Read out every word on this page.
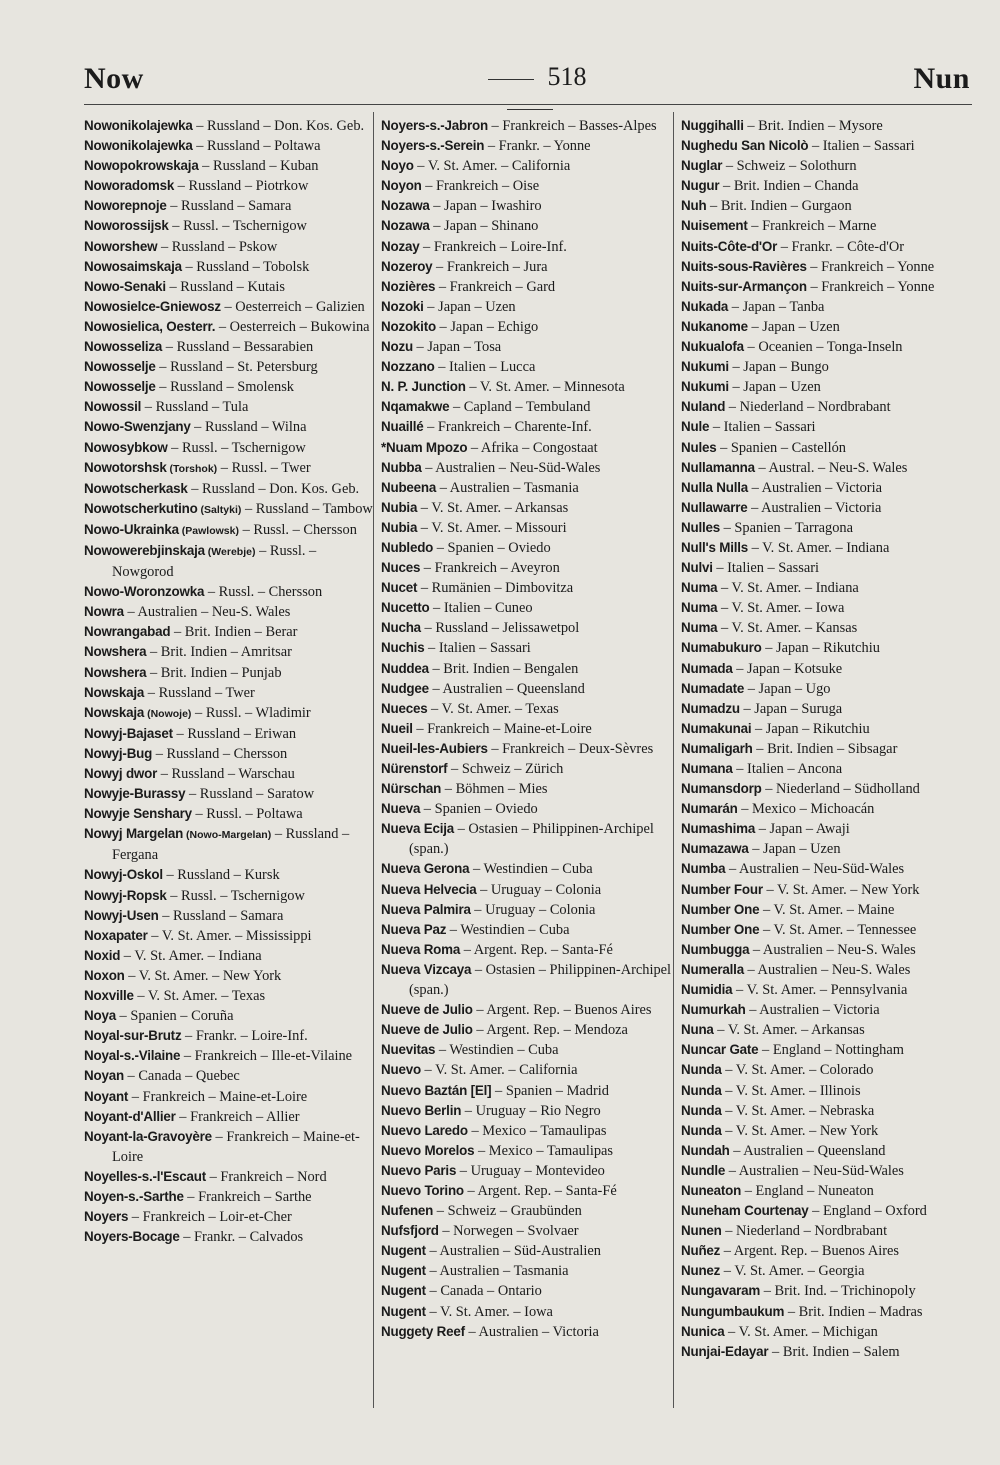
Now	518	Nun
Nowonikolajewka – Russland – Don. Kos. Geb.
Nowonikolajewka – Russland – Poltawa
Nowopokrowskaja – Russland – Kuban
Noworadomsk – Russland – Piotrkow
Noworepnoje – Russland – Samara
Noworossijsk – Russl. – Tschernigow
Noworshew – Russland – Pskow
Nowosaimskaja – Russland – Tobolsk
Nowo-Senaki – Russland – Kutais
Nowosielce-Gniewosz – Oesterreich – Galizien
Nowosielica, Oesterr. – Oesterreich – Bukowina
Nowosseliza – Russland – Bessarabien
Nowosselje – Russland – St. Petersburg
Nowosselje – Russland – Smolensk
Nowossil – Russland – Tula
Nowo-Swenzjany – Russland – Wilna
Nowosybkow – Russl. – Tschernigow
Nowotorshsk (Torshok) – Russl. – Twer
Nowotscherkask – Russland – Don. Kos. Geb.
Nowotscherkutino (Saltyki) – Russland – Tambow
Nowo-Ukrainka (Pawlowsk) – Russl. – Chersson
Nowowerebjinskaja (Werebje) – Russl. – Nowgorod
Nowo-Woronzowka – Russl. – Chersson
Nowra – Australien – Neu-S. Wales
Nowrangabad – Brit. Indien – Berar
Nowshera – Brit. Indien – Amritsar
Nowshera – Brit. Indien – Punjab
Nowskaja – Russland – Twer
Nowskaja (Nowoje) – Russl. – Wladimir
Nowyj-Bajaset – Russland – Eriwan
Nowyj-Bug – Russland – Chersson
Nowyj dwor – Russland – Warschau
Nowyje-Burassy – Russland – Saratow
Nowyje Senshary – Russl. – Poltawa
Nowyj Margelan (Nowo-Margelan) – Russland – Fergana
Nowyj-Oskol – Russland – Kursk
Nowyj-Ropsk – Russl. – Tschernigow
Nowyj-Usen – Russland – Samara
Noxapater – V. St. Amer. – Mississippi
Noxid – V. St. Amer. – Indiana
Noxon – V. St. Amer. – New York
Noxville – V. St. Amer. – Texas
Noya – Spanien – Coruña
Noyal-sur-Brutz – Frankr. – Loire-Inf.
Noyal-s.-Vilaine – Frankreich – Ille-et-Vilaine
Noyan – Canada – Quebec
Noyant – Frankreich – Maine-et-Loire
Noyant-d'Allier – Frankreich – Allier
Noyant-la-Gravoyère – Frankreich – Maine-et-Loire
Noyelles-s.-l'Escaut – Frankreich – Nord
Noyen-s.-Sarthe – Frankreich – Sarthe
Noyers – Frankreich – Loir-et-Cher
Noyers-Bocage – Frankr. – Calvados
Noyers-s.-Jabron – Frankreich – Basses-Alpes
Noyers-s.-Serein – Frankr. – Yonne
Noyo – V. St. Amer. – California
Noyon – Frankreich – Oise
Nozawa – Japan – Iwashiro
Nozawa – Japan – Shinano
Nozay – Frankreich – Loire-Inf.
Nozeroy – Frankreich – Jura
Nozières – Frankreich – Gard
Nozoki – Japan – Uzen
Nozokito – Japan – Echigo
Nozu – Japan – Tosa
Nozzano – Italien – Lucca
N. P. Junction – V. St. Amer. – Minnesota
Nqamakwe – Capland – Tembuland
Nuaillé – Frankreich – Charente-Inf.
*Nuam Mpozo – Afrika – Congostaat
Nubba – Australien – Neu-Süd-Wales
Nubeena – Australien – Tasmania
Nubia – V. St. Amer. – Arkansas
Nubia – V. St. Amer. – Missouri
Nubledo – Spanien – Oviedo
Nuces – Frankreich – Aveyron
Nucet – Rumänien – Dimbovitza
Nucetto – Italien – Cuneo
Nucha – Russland – Jelissawetpol
Nuchis – Italien – Sassari
Nuddea – Brit. Indien – Bengalen
Nudgee – Australien – Queensland
Nueces – V. St. Amer. – Texas
Nueil – Frankreich – Maine-et-Loire
Nueil-les-Aubiers – Frankreich – Deux-Sèvres
Nürenstorf – Schweiz – Zürich
Nürschan – Böhmen – Mies
Nueva – Spanien – Oviedo
Nueva Ecija – Ostasien – Philippinen-Archipel (span.)
Nueva Gerona – Westindien – Cuba
Nueva Helvecia – Uruguay – Colonia
Nueva Palmira – Uruguay – Colonia
Nueva Paz – Westindien – Cuba
Nueva Roma – Argent. Rep. – Santa-Fé
Nueva Vizcaya – Ostasien – Philippinen-Archipel (span.)
Nueve de Julio – Argent. Rep. – Buenos Aires
Nueve de Julio – Argent. Rep. – Mendoza
Nuevitas – Westindien – Cuba
Nuevo – V. St. Amer. – California
Nuevo Baztán [El] – Spanien – Madrid
Nuevo Berlin – Uruguay – Rio Negro
Nuevo Laredo – Mexico – Tamaulipas
Nuevo Morelos – Mexico – Tamaulipas
Nuevo Paris – Uruguay – Montevideo
Nuevo Torino – Argent. Rep. – Santa-Fé
Nufenen – Schweiz – Graubünden
Nufsfjord – Norwegen – Svolvaer
Nugent – Australien – Süd-Australien
Nugent – Australien – Tasmania
Nugent – Canada – Ontario
Nugent – V. St. Amer. – Iowa
Nuggety Reef – Australien – Victoria
Nuggihalli – Brit. Indien – Mysore
Nughedu San Nicolò – Italien – Sassari
Nuglar – Schweiz – Solothurn
Nugur – Brit. Indien – Chanda
Nuh – Brit. Indien – Gurgaon
Nuisement – Frankreich – Marne
Nuits-Côte-d'Or – Frankr. – Côte-d'Or
Nuits-sous-Ravières – Frankreich – Yonne
Nuits-sur-Armançon – Frankreich – Yonne
Nukada – Japan – Tanba
Nukanome – Japan – Uzen
Nukualofa – Oceanien – Tonga-Inseln
Nukumi – Japan – Bungo
Nukumi – Japan – Uzen
Nuland – Niederland – Nordbrabant
Nule – Italien – Sassari
Nules – Spanien – Castellón
Nullamanna – Austral. – Neu-S. Wales
Nulla Nulla – Australien – Victoria
Nullawarre – Australien – Victoria
Nulles – Spanien – Tarragona
Null's Mills – V. St. Amer. – Indiana
Nulvi – Italien – Sassari
Numa – V. St. Amer. – Indiana
Numa – V. St. Amer. – Iowa
Numa – V. St. Amer. – Kansas
Numabukuro – Japan – Rikutchiu
Numada – Japan – Kotsuke
Numadate – Japan – Ugo
Numadzu – Japan – Suruga
Numakunai – Japan – Rikutchiu
Numaligarh – Brit. Indien – Sibsagar
Numana – Italien – Ancona
Numansdorp – Niederland – Südholland
Numarán – Mexico – Michoacán
Numashima – Japan – Awaji
Numazawa – Japan – Uzen
Numba – Australien – Neu-Süd-Wales
Number Four – V. St. Amer. – New York
Number One – V. St. Amer. – Maine
Number One – V. St. Amer. – Tennessee
Numbugga – Australien – Neu-S. Wales
Numeralla – Australien – Neu-S. Wales
Numidia – V. St. Amer. – Pennsylvania
Numurkah – Australien – Victoria
Nuna – V. St. Amer. – Arkansas
Nuncar Gate – England – Nottingham
Nunda – V. St. Amer. – Colorado
Nunda – V. St. Amer. – Illinois
Nunda – V. St. Amer. – Nebraska
Nunda – V. St. Amer. – New York
Nundah – Australien – Queensland
Nundle – Australien – Neu-Süd-Wales
Nuneaton – England – Nuneaton
Nuneham Courtenay – England – Oxford
Nunen – Niederland – Nordbrabant
Nuñez – Argent. Rep. – Buenos Aires
Nunez – V. St. Amer. – Georgia
Nungavaram – Brit. Ind. – Trichinopoly
Nungumbaukum – Brit. Indien – Madras
Nunica – V. St. Amer. – Michigan
Nunjai-Edayar – Brit. Indien – Salem
